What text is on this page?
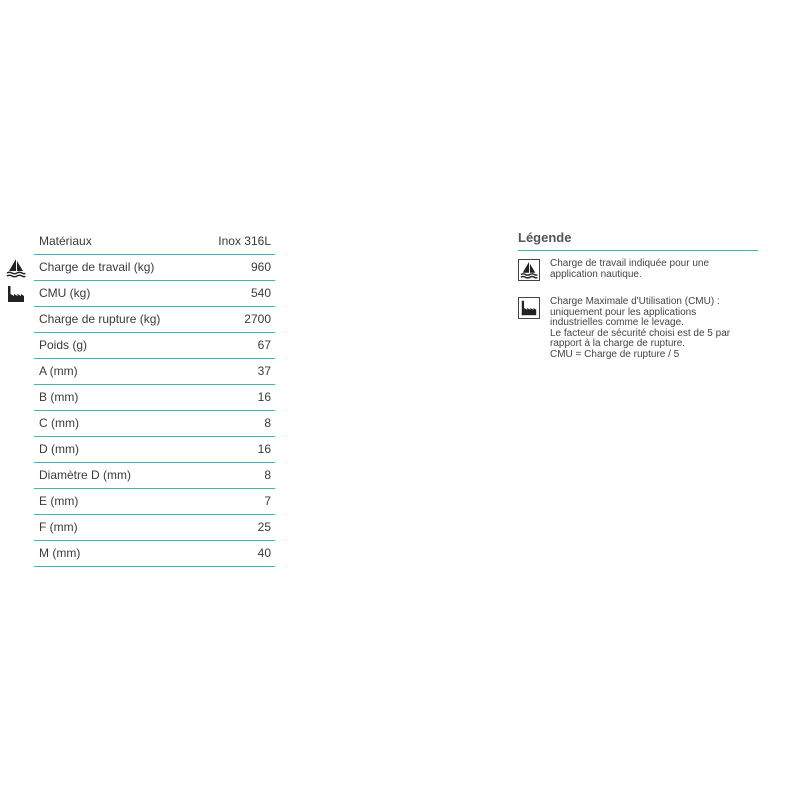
Matériaux	Inox 316L
Charge de travail (kg)	960
CMU (kg)	540
Charge de rupture (kg)	2700
Poids (g)	67
A (mm)	37
B (mm)	16
C (mm)	8
D (mm)	16
Diamètre D (mm)	8
E (mm)	7
F (mm)	25
M (mm)	40
Légende
Charge de travail indiquée pour une
application nautique.
Charge Maximale d'Utilisation (CMU) :
uniquement pour les applications
industrielles comme le levage.
Le facteur de sécurité choisi est de 5 par
rapport à la charge de rupture.
CMU = Charge de rupture / 5
